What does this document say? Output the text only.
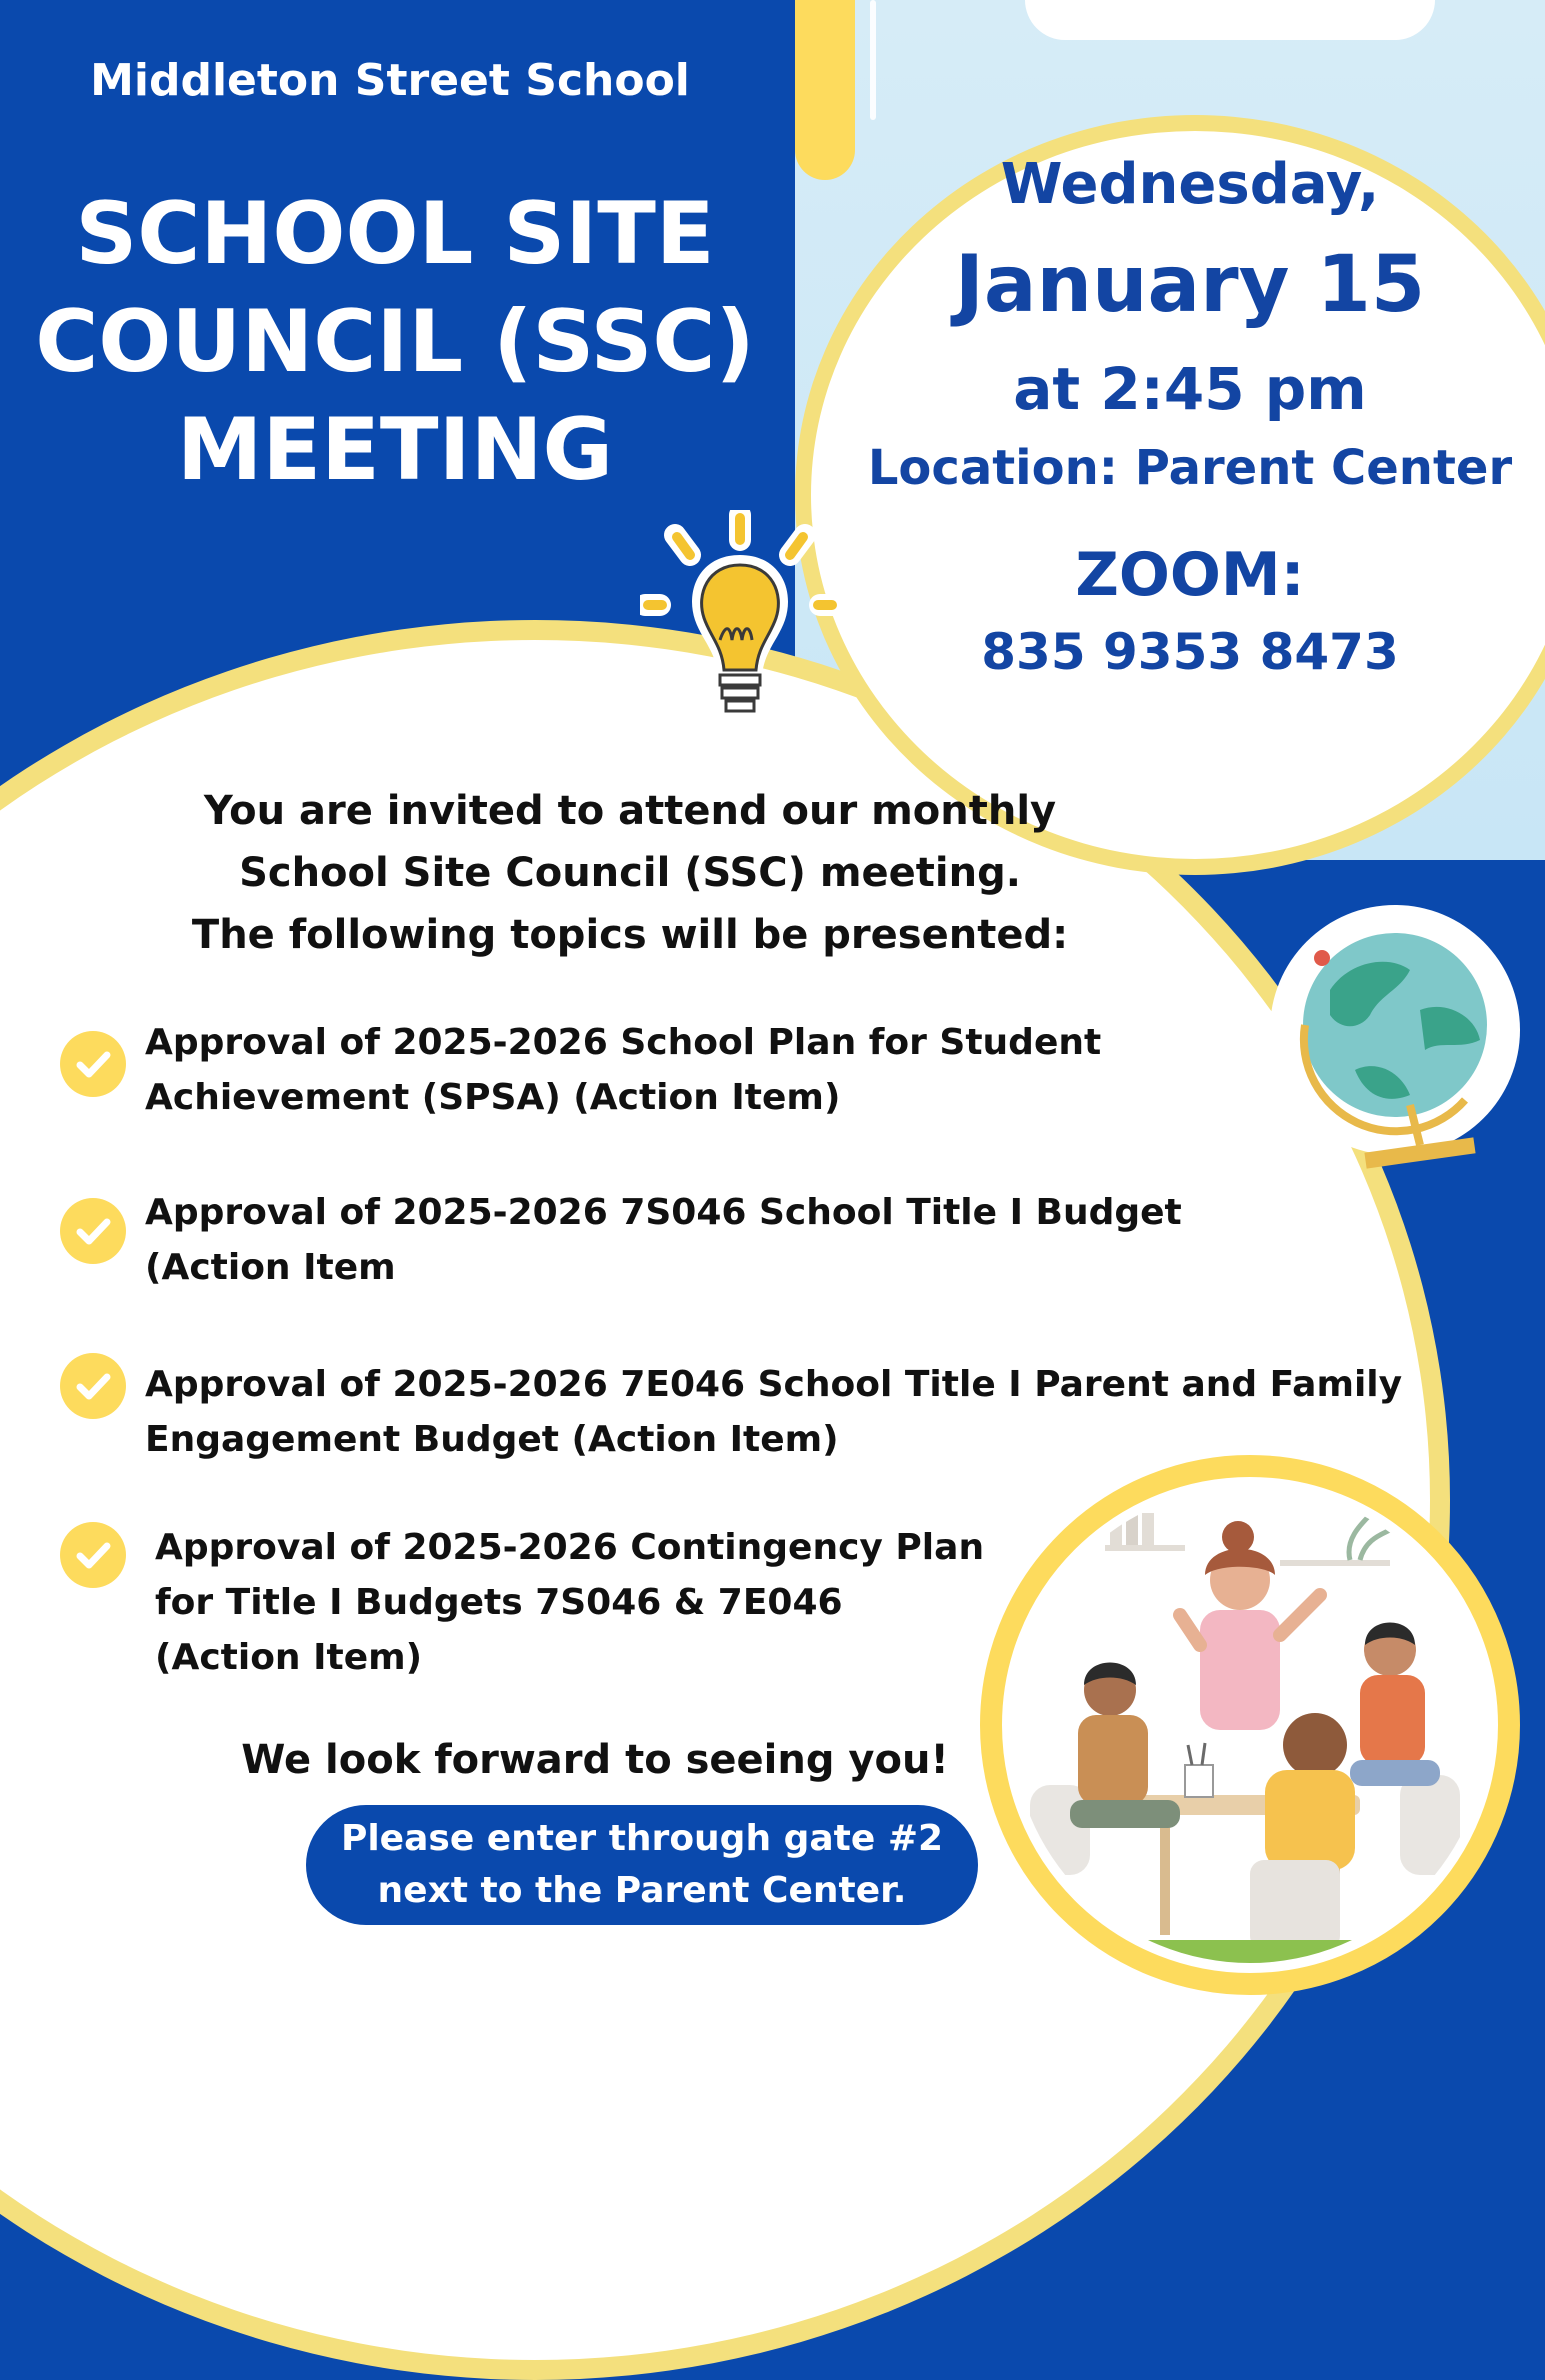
Middleton Street School
SCHOOL SITE
COUNCIL (SSC)
MEETING
Wednesday,
January 15
at 2:45 pm
Location: Parent Center
ZOOM:
835 9353 8473
You are invited to attend our monthly
School Site Council (SSC) meeting.
The following topics will be presented:
Approval of 2025-2026 School Plan for Student
Achievement (SPSA) (Action Item)
Approval of 2025-2026 7S046 School Title I Budget
(Action Item
Approval of 2025-2026 7E046 School Title I Parent and Family
Engagement Budget (Action Item)
Approval of 2025-2026 Contingency Plan
for Title I Budgets 7S046 & 7E046
(Action Item)
We look forward to seeing you!
Please enter through gate #2
next to the Parent Center.
